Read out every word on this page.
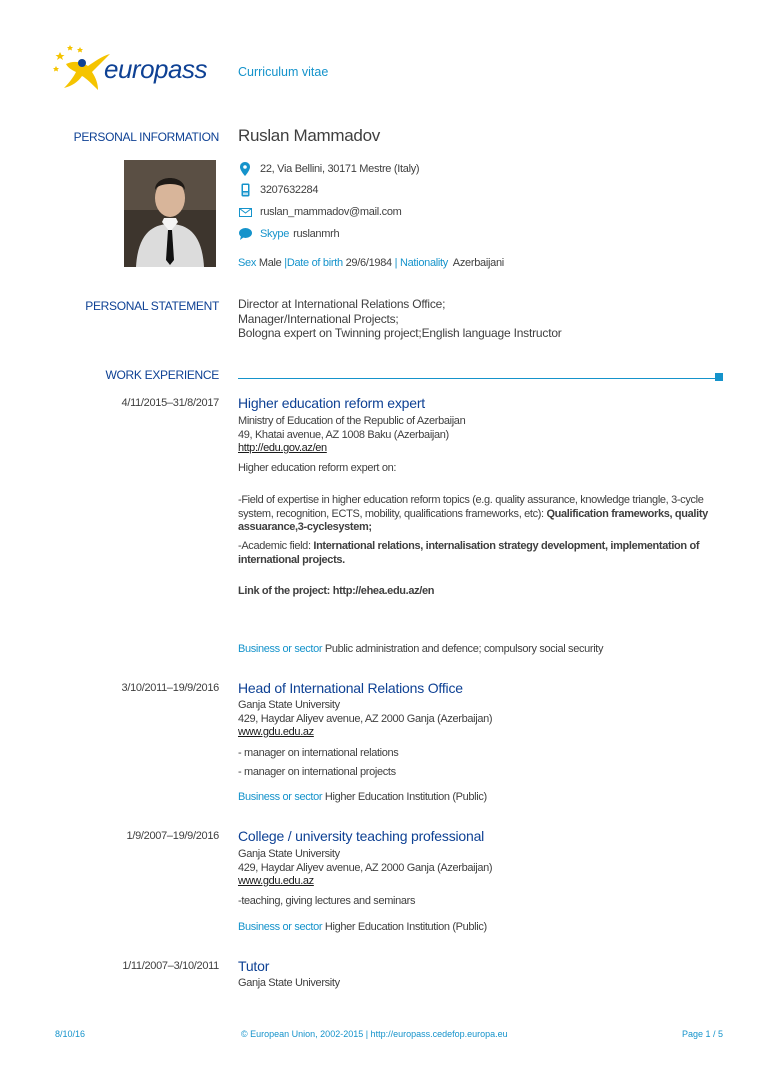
europass Curriculum vitae
PERSONAL INFORMATION Ruslan Mammadov
22, Via Bellini, 30171 Mestre (Italy)
3207632284
ruslan_mammadov@mail.com
Skype ruslanmrh
Sex Male |Date of birth 29/6/1984 | Nationality Azerbaijani
PERSONAL STATEMENT Director at International Relations Office;
Manager/International Projects;
Bologna expert on Twinning project;English language Instructor
WORK EXPERIENCE
4/11/2015–31/8/2017 Higher education reform expert
Ministry of Education of the Republic of Azerbaijan
49, Khatai avenue, AZ 1008 Baku (Azerbaijan)
http://edu.gov.az/en
Higher education reform expert on:
-Field of expertise in higher education reform topics (e.g. quality assurance, knowledge triangle, 3-cycle system, recognition, ECTS, mobility, qualifications frameworks, etc): Qualification frameworks, quality assuarance,3-cyclesystem;
-Academic field: International relations, internalisation strategy development, implementation of international projects.
Link of the project: http://ehea.edu.az/en
Business or sector Public administration and defence; compulsory social security
3/10/2011–19/9/2016 Head of International Relations Office
Ganja State University
429, Haydar Aliyev avenue, AZ 2000 Ganja (Azerbaijan)
www.gdu.edu.az
- manager on international relations
- manager on international projects
Business or sector Higher Education Institution (Public)
1/9/2007–19/9/2016 College / university teaching professional
Ganja State University
429, Haydar Aliyev avenue, AZ 2000 Ganja (Azerbaijan)
www.gdu.edu.az
-teaching, giving lectures and seminars
Business or sector Higher Education Institution (Public)
1/11/2007–3/10/2011 Tutor
Ganja State University
8/10/16	© European Union, 2002-2015 | http://europass.cedefop.europa.eu	Page 1 / 5
